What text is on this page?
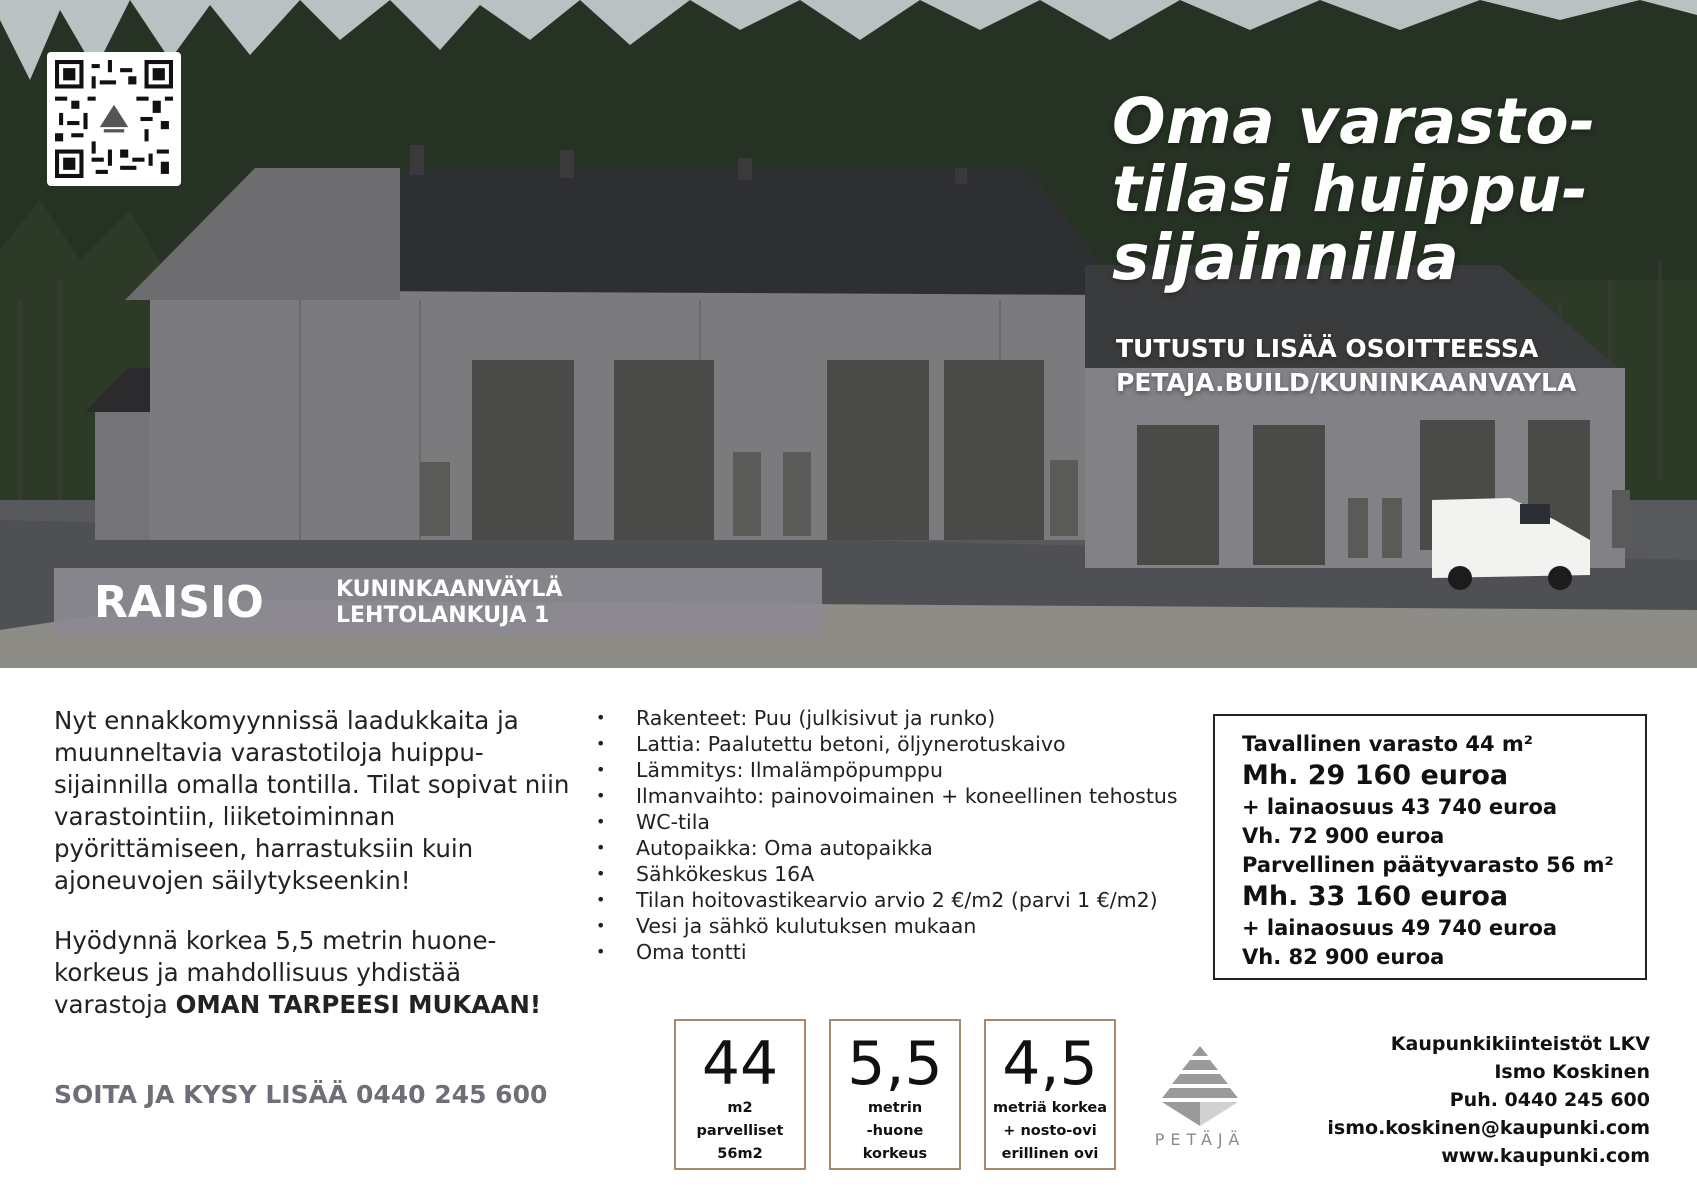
Oma varasto-
tilasi huippu-
sijainnilla
TUTUSTU LISÄÄ OSOITTEESSA
PETAJA.BUILD/KUNINKAANVAYLA
RAISIO	KUNINKAANVÄYLÄ
LEHTOLANKUJA 1

Nyt ennakkomyynnissä laadukkaita ja muunneltavia varastotiloja huippu-sijainnilla omalla tontilla. Tilat sopivat niin varastointiin, liiketoiminnan pyörittämiseen, harrastuksiin kuin ajoneuvojen säilytykseenkin!

Hyödynnä korkea 5,5 metrin huone-korkeus ja mahdollisuus yhdistää varastoja OMAN TARPEESI MUKAAN!

SOITA JA KYSY LISÄÄ 0440 245 600
• Rakenteet: Puu (julkisivut ja runko)
• Lattia: Paalutettu betoni, öljynerotuskaivo
• Lämmitys: Ilmalämpöpumppu
• Ilmanvaihto: painovoimainen + koneellinen tehostus
• WC-tila
• Autopaikka: Oma autopaikka
• Sähkökeskus 16A
• Tilan hoitovastikearvio arvio 2 €/m2 (parvi 1 €/m2)
• Vesi ja sähkö kulutuksen mukaan
• Oma tontti
Tavallinen varasto 44 m²
Mh. 29 160 euroa
+ lainaosuus 43 740 euroa
Vh. 72 900 euroa
Parvellinen päätyvarasto 56 m²
Mh. 33 160 euroa
+ lainaosuus 49 740 euroa
Vh. 82 900 euroa
44
m2
parvelliset
56m2
5,5
metrin
-huone
korkeus
4,5
metriä korkea
+ nosto-ovi
erillinen ovi
PETÄJÄ
Kaupunkikiinteistöt LKV
Ismo Koskinen
Puh. 0440 245 600
ismo.koskinen@kaupunki.com
www.kaupunki.com
